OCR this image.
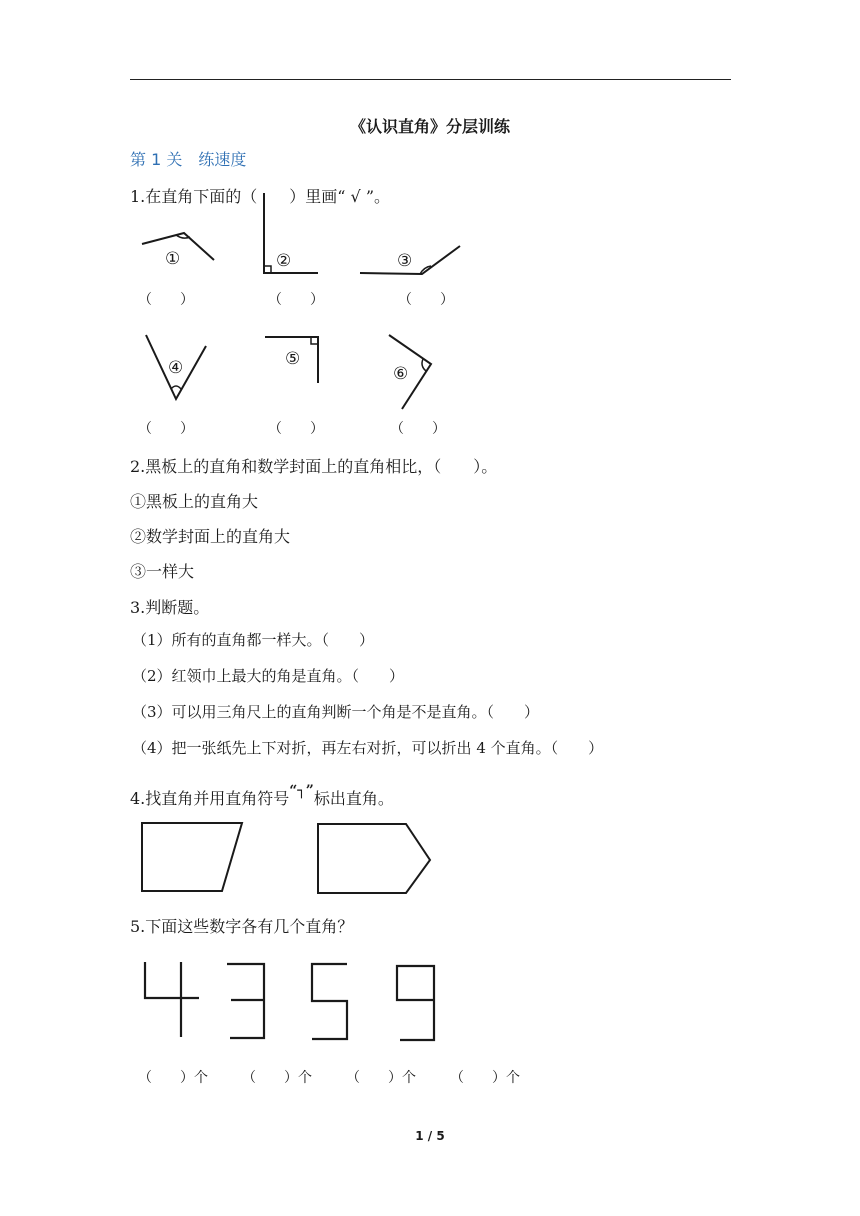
《认识直角》分层训练
第 1 关　练速度
1.在直角下面的（　　）里画“ √ ”。
①	②	③
④	⑤
⑥
（　　）	（　　）	（　　）
（　　）	（　　）	（　　）
2.黑板上的直角和数学封面上的直角相比，（　　）。
①黑板上的直角大
②数学封面上的直角大
③一样大
3.判断题。
（1）所有的直角都一样大。（　　）
（2）红领巾上最大的角是直角。（　　）
（3）可以用三角尺上的直角判断一个角是不是直角。（　　）
（4）把一张纸先上下对折，再左右对折，可以折出 4 个直角。（　　）
4.找直角并用直角符号“┐”标出直角。
5.下面这些数字各有几个直角？
（　　）个 （　　）个 （　　）个 （　　）个
1 / 5
